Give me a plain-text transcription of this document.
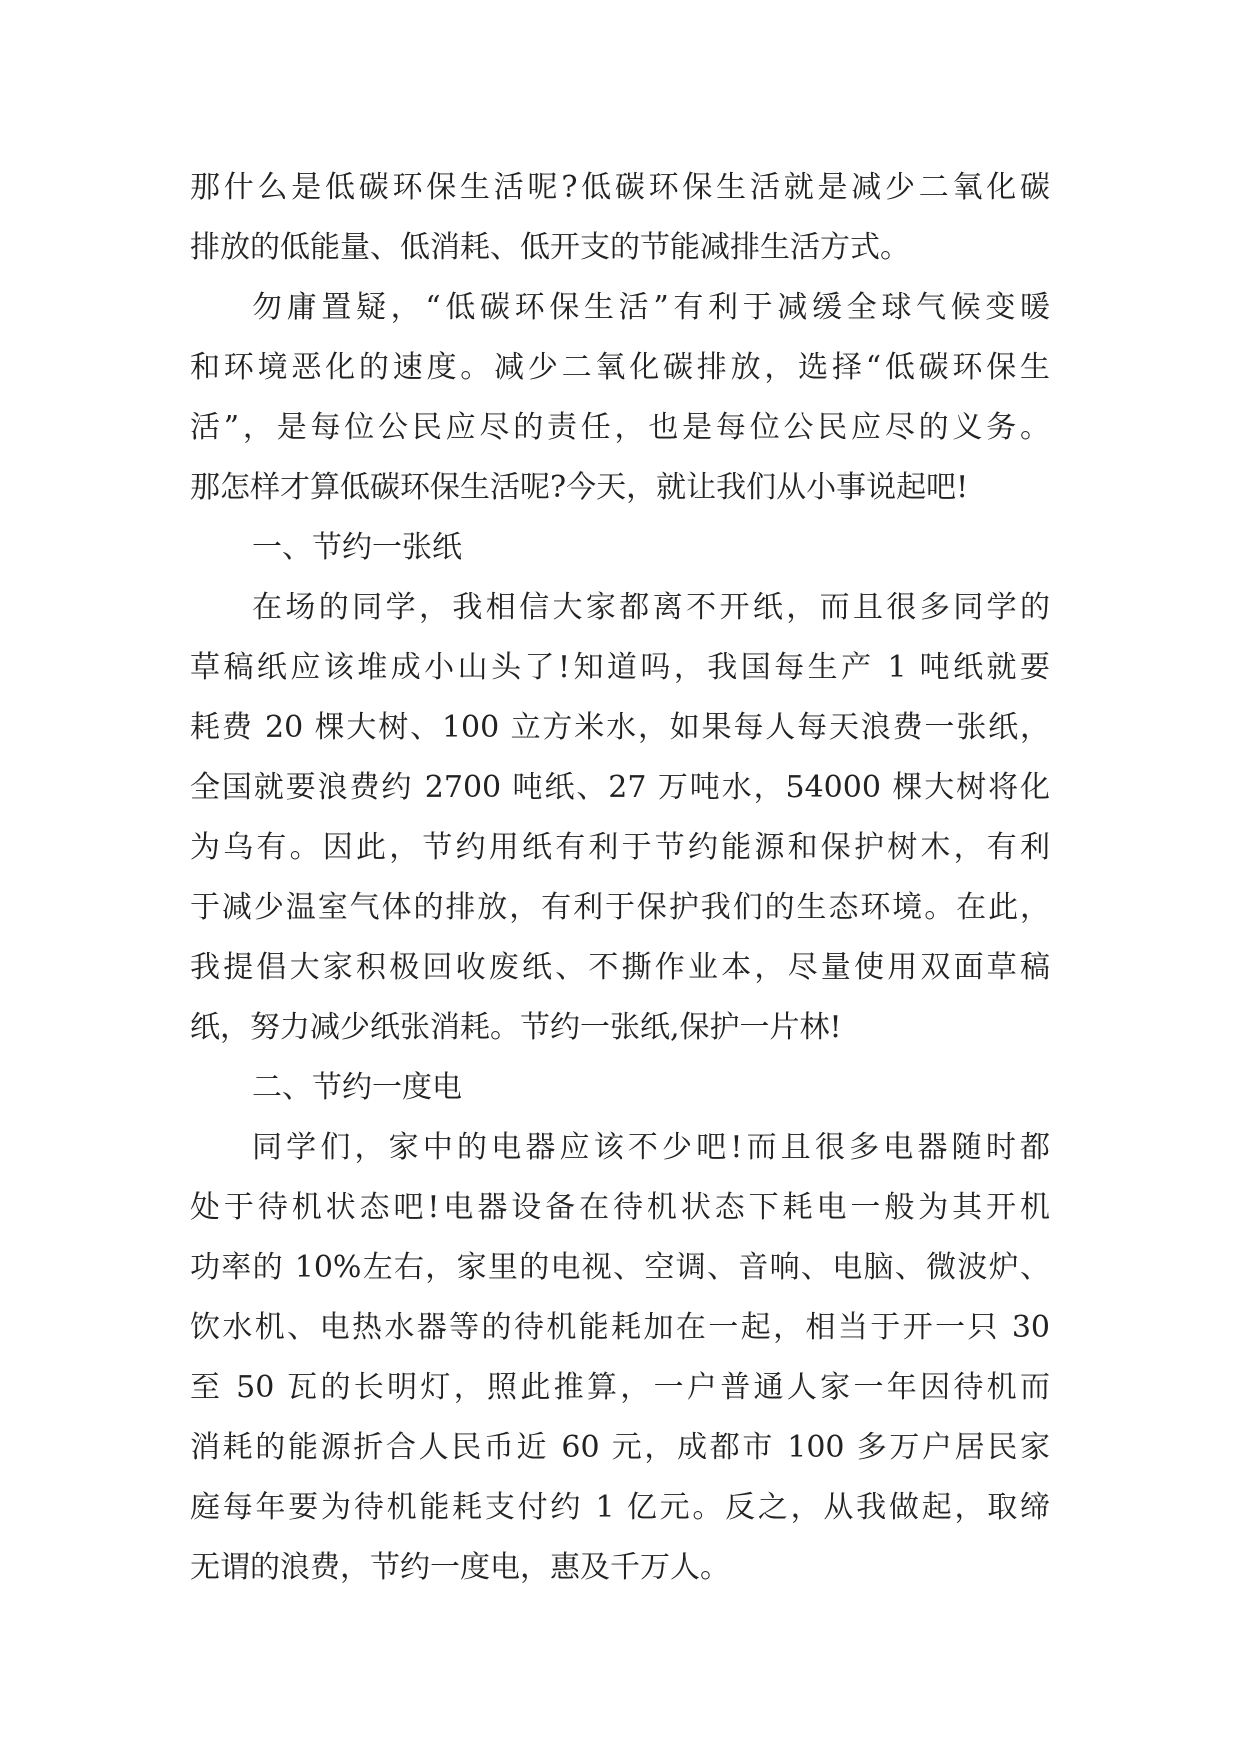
那什么是低碳环保生活呢?低碳环保生活就是减少二氧化碳
排放的低能量、低消耗、低开支的节能减排生活方式。
勿庸置疑，“低碳环保生活”有利于减缓全球气候变暖
和环境恶化的速度。减少二氧化碳排放，选择“低碳环保生
活”，是每位公民应尽的责任，也是每位公民应尽的义务。
那怎样才算低碳环保生活呢?今天，就让我们从小事说起吧!
一、节约一张纸
在场的同学，我相信大家都离不开纸，而且很多同学的
草稿纸应该堆成小山头了!知道吗，我国每生产 1 吨纸就要
耗费 20 棵大树、100 立方米水，如果每人每天浪费一张纸，
全国就要浪费约 2700 吨纸、27 万吨水，54000 棵大树将化
为乌有。因此，节约用纸有利于节约能源和保护树木，有利
于减少温室气体的排放，有利于保护我们的生态环境。在此，
我提倡大家积极回收废纸、不撕作业本，尽量使用双面草稿
纸，努力减少纸张消耗。节约一张纸,保护一片林!
二、节约一度电
同学们，家中的电器应该不少吧!而且很多电器随时都
处于待机状态吧!电器设备在待机状态下耗电一般为其开机
功率的 10%左右，家里的电视、空调、音响、电脑、微波炉、
饮水机、电热水器等的待机能耗加在一起，相当于开一只 30
至 50 瓦的长明灯，照此推算，一户普通人家一年因待机而
消耗的能源折合人民币近 60 元，成都市 100 多万户居民家
庭每年要为待机能耗支付约 1 亿元。反之，从我做起，取缔
无谓的浪费，节约一度电，惠及千万人。
